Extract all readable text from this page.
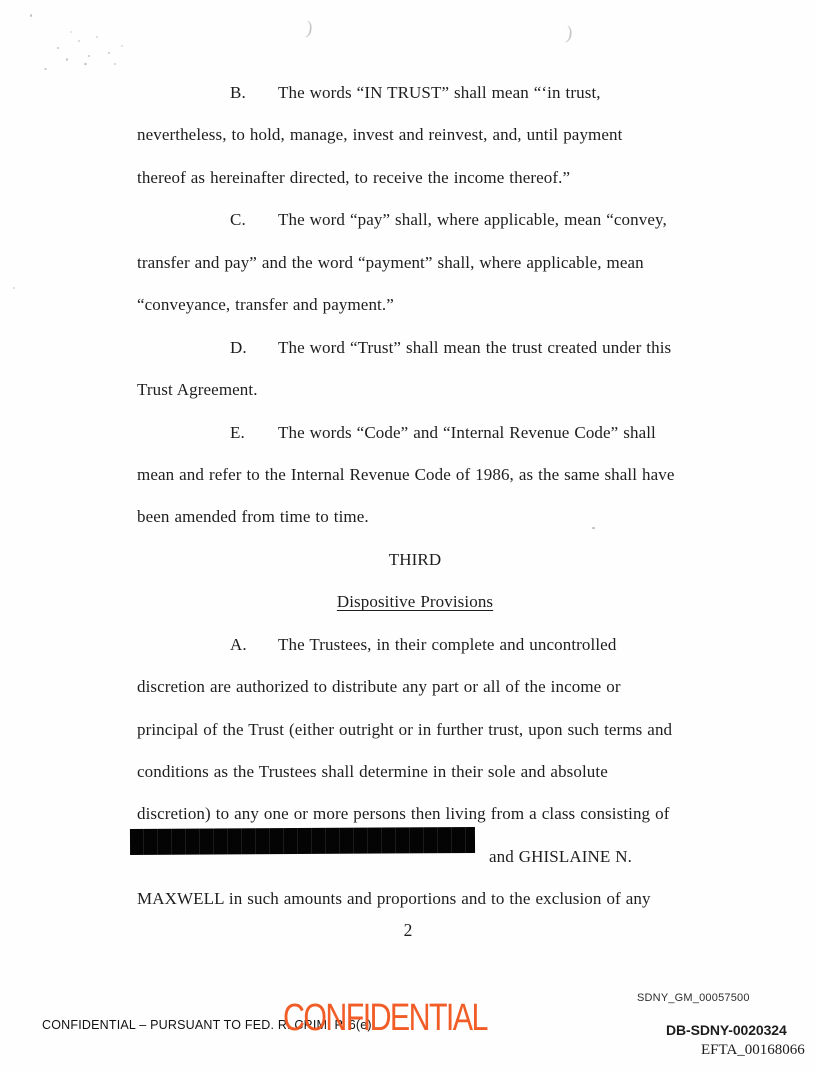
)	)
B. The words “IN TRUST” shall mean “‘in trust,
nevertheless, to hold, manage, invest and reinvest, and, until payment
thereof as hereinafter directed, to receive the income thereof.”
C. The word “pay” shall, where applicable, mean “convey,
transfer and pay” and the word “payment” shall, where applicable, mean
“conveyance, transfer and payment.”
D. The word “Trust” shall mean the trust created under this
Trust Agreement.
E. The words “Code” and “Internal Revenue Code” shall
mean and refer to the Internal Revenue Code of 1986, as the same shall have
been amended from time to time.
THIRD
Dispositive Provisions
A. The Trustees, in their complete and uncontrolled
discretion are authorized to distribute any part or all of the income or
principal of the Trust (either outright or in further trust, upon such terms and
conditions as the Trustees shall determine in their sole and absolute
discretion) to any one or more persons then living from a class consisting of
and GHISLAINE N.
MAXWELL in such amounts and proportions and to the exclusion of any
2
SDNY_GM_00057500
CONFIDENTIAL
CONFIDENTIAL – PURSUANT TO FED. R. CRIM. P. 6(e)	DB-SDNY-0020324
EFTA_00168066
